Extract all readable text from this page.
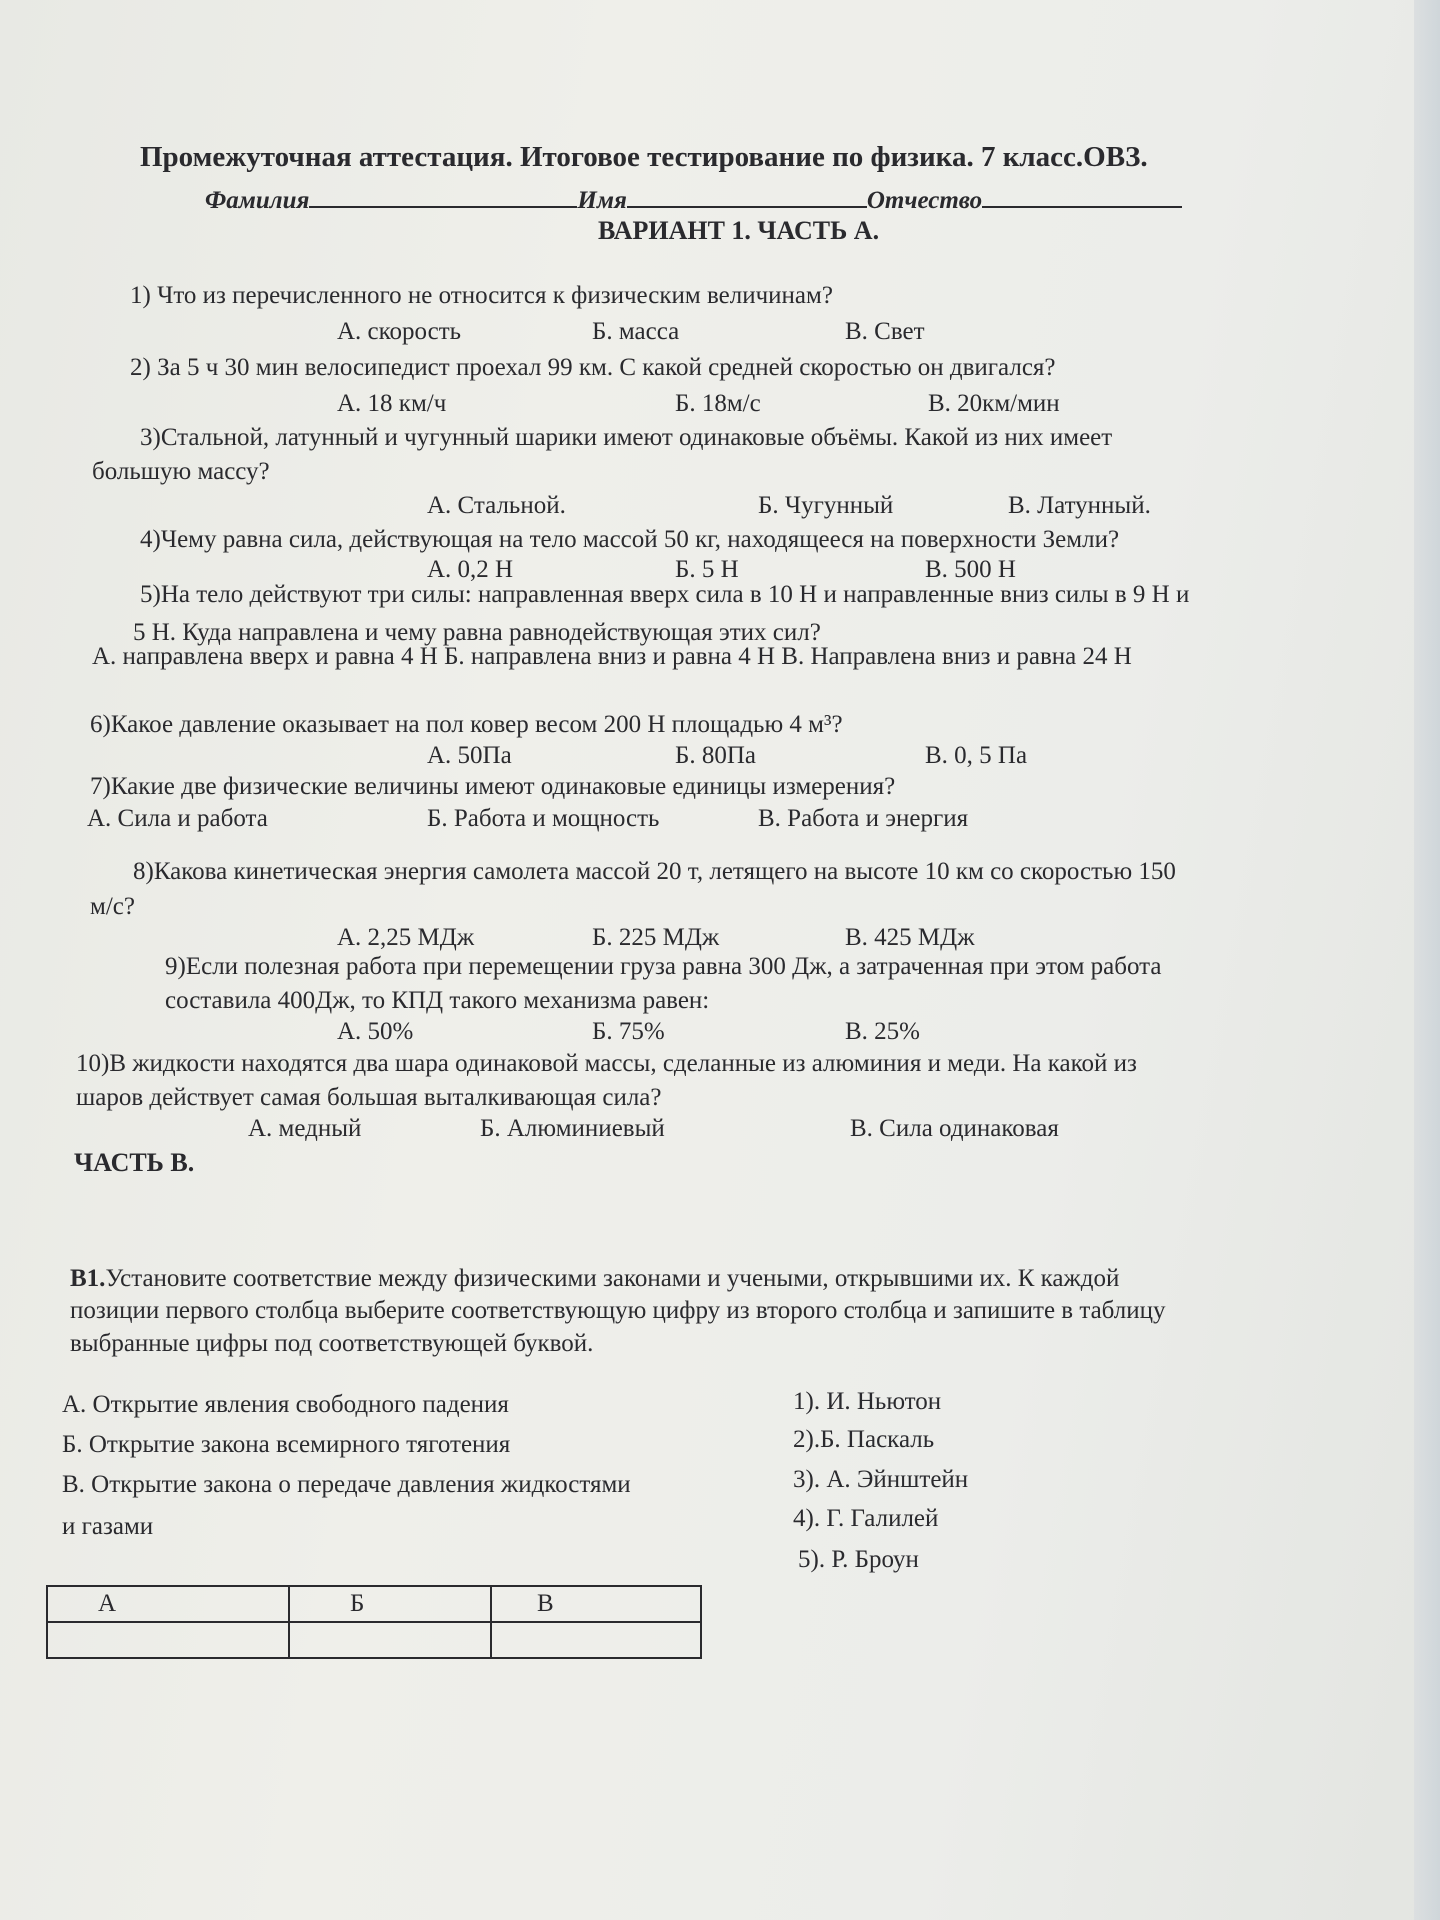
Промежуточная аттестация. Итоговое тестирование по физика. 7 класс.ОВЗ.
Фамилия	Имя	Отчество
ВАРИАНТ 1. ЧАСТЬ А.
1) Что из перечисленного не относится к физическим величинам?
А. скорость	Б. масса	В. Свет
2) За 5 ч 30 мин велосипедист проехал 99 км. С какой средней скоростью он двигался?
А. 18 км/ч	Б. 18м/с	В. 20км/мин
3)Стальной, латунный и чугунный шарики имеют одинаковые объёмы. Какой из них имеет
большую массу?
А. Стальной.	Б. Чугунный	В. Латунный.
4)Чему равна сила, действующая на тело массой 50 кг, находящееся на поверхности Земли?
А. 0,2 Н	Б. 5 Н	В. 500 Н
5)На тело действуют три силы: направленная вверх сила в 10 Н и направленные вниз силы в 9 Н и
5 Н. Куда направлена и чему равна равнодействующая этих сил?
А. направлена вверх и равна 4 Н Б. направлена вниз и равна 4 Н В. Направлена вниз и равна 24 Н
6)Какое давление оказывает на пол ковер весом 200 Н площадью 4 м³?
А. 50Па	Б. 80Па	В. 0, 5 Па
7)Какие две физические величины имеют одинаковые единицы измерения?
А. Сила и работа	Б. Работа и мощность	В. Работа и энергия
8)Какова кинетическая энергия самолета массой 20 т, летящего на высоте 10 км со скоростью 150
м/с?
А. 2,25 МДж	Б. 225 МДж	В. 425 МДж
9)Если полезная работа при перемещении груза равна 300 Дж, а затраченная при этом работа
составила 400Дж, то КПД такого механизма равен:
А. 50%	Б. 75%	В. 25%
10)В жидкости находятся два шара одинаковой массы, сделанные из алюминия и меди. На какой из
шаров действует самая большая выталкивающая сила?
А. медный	Б. Алюминиевый	В. Сила одинаковая
ЧАСТЬ В.
В1.Установите соответствие между физическими законами и учеными, открывшими их. К каждой
позиции первого столбца выберите соответствующую цифру из второго столбца и запишите в таблицу
выбранные цифры под соответствующей буквой.
А. Открытие явления свободного падения
Б. Открытие закона всемирного тяготения
В. Открытие закона о передаче давления жидкостями
и газами
1). И. Ньютон
2).Б. Паскаль
3). А. Эйнштейн
4). Г. Галилей
5). Р. Броун
А	Б	В
